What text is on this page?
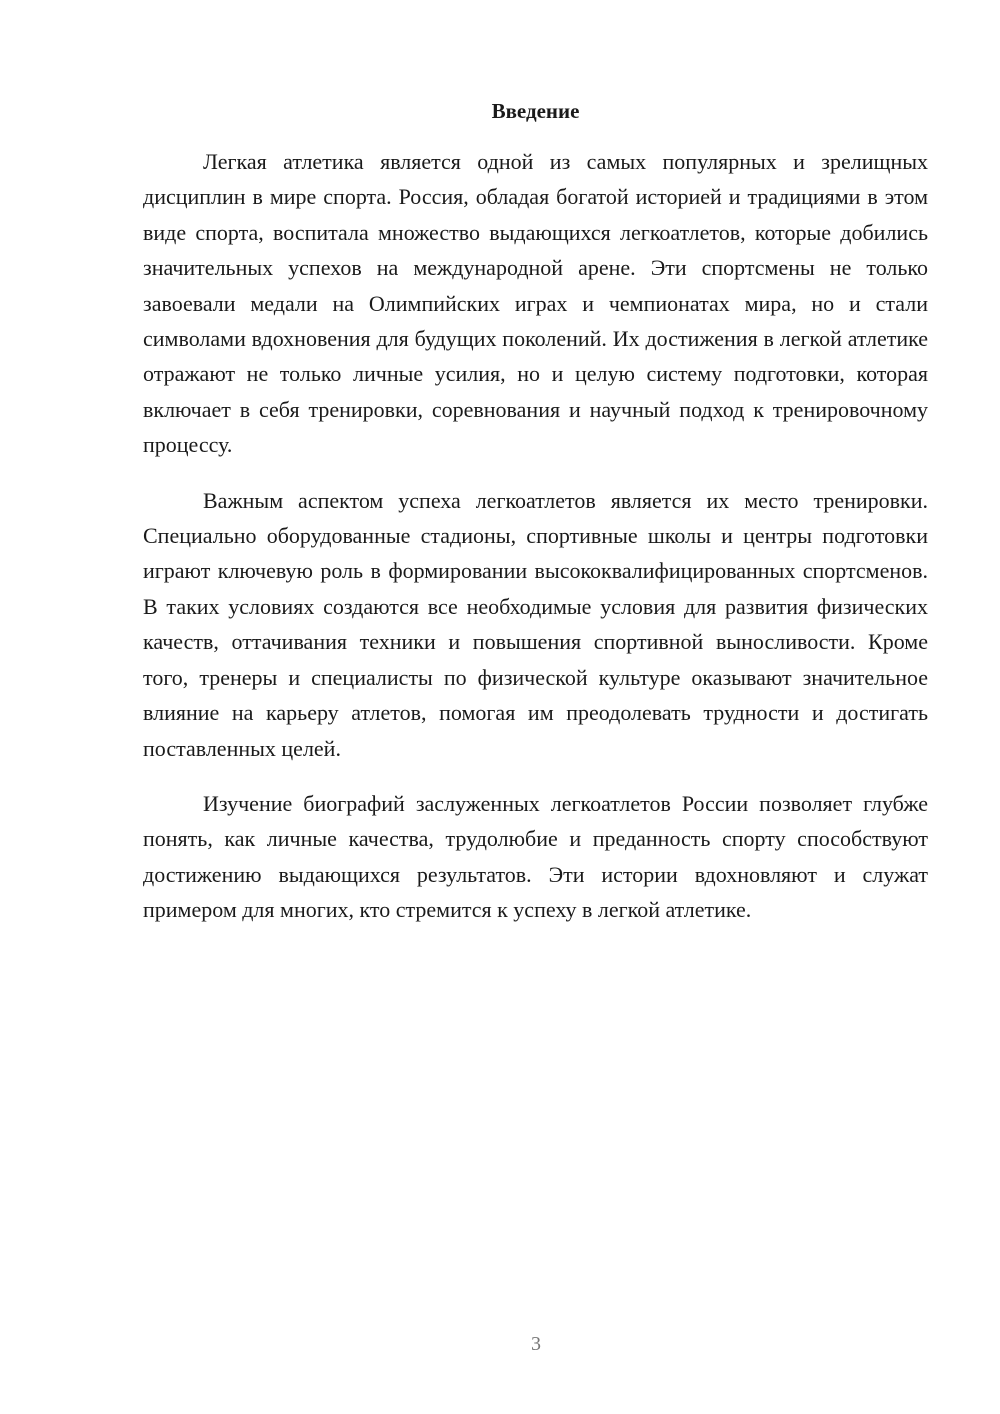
Введение

Легкая атлетика является одной из самых популярных и зрелищных дисциплин в мире спорта. Россия, обладая богатой историей и традициями в этом виде спорта, воспитала множество выдающихся легкоатлетов, которые добились значительных успехов на международной арене. Эти спортсмены не только завоевали медали на Олимпийских играх и чемпионатах мира, но и стали символами вдохновения для будущих поколений. Их достижения в легкой атлетике отражают не только личные усилия, но и целую систему подготовки, которая включает в себя тренировки, соревнования и научный подход к тренировочному процессу.

Важным аспектом успеха легкоатлетов является их место тренировки. Специально оборудованные стадионы, спортивные школы и центры подготовки играют ключевую роль в формировании высококвалифицированных спортсменов. В таких условиях создаются все необходимые условия для развития физических качеств, оттачивания техники и повышения спортивной выносливости. Кроме того, тренеры и специалисты по физической культуре оказывают значительное влияние на карьеру атлетов, помогая им преодолевать трудности и достигать поставленных целей.

Изучение биографий заслуженных легкоатлетов России позволяет глубже понять, как личные качества, трудолюбие и преданность спорту способствуют достижению выдающихся результатов. Эти истории вдохновляют и служат примером для многих, кто стремится к успеху в легкой атлетике.

3
